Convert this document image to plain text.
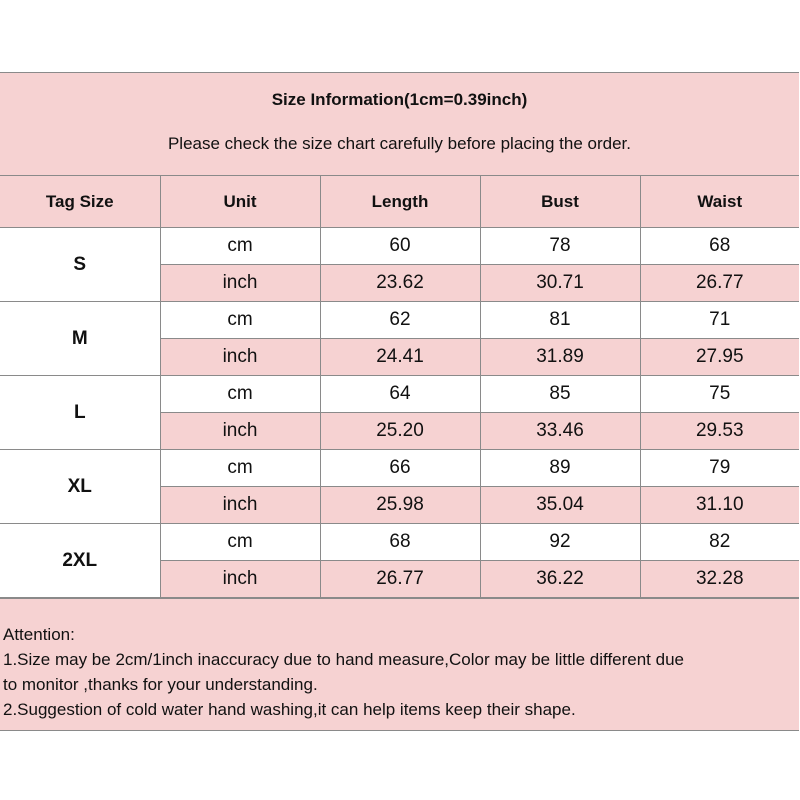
Size Information(1cm=0.39inch)
Please check the size chart carefully before placing the order.
Tag Size	Unit	Length	Bust	Waist
S	cm	60	78	68
	inch	23.62	30.71	26.77
M	cm	62	81	71
	inch	24.41	31.89	27.95
L	cm	64	85	75
	inch	25.20	33.46	29.53
XL	cm	66	89	79
	inch	25.98	35.04	31.10
2XL	cm	68	92	82
	inch	26.77	36.22	32.28
Attention:
1.Size may be 2cm/1inch inaccuracy due to hand measure,Color may be little different due
to monitor ,thanks for your understanding.
2.Suggestion of cold water hand washing,it can help items keep their shape.
